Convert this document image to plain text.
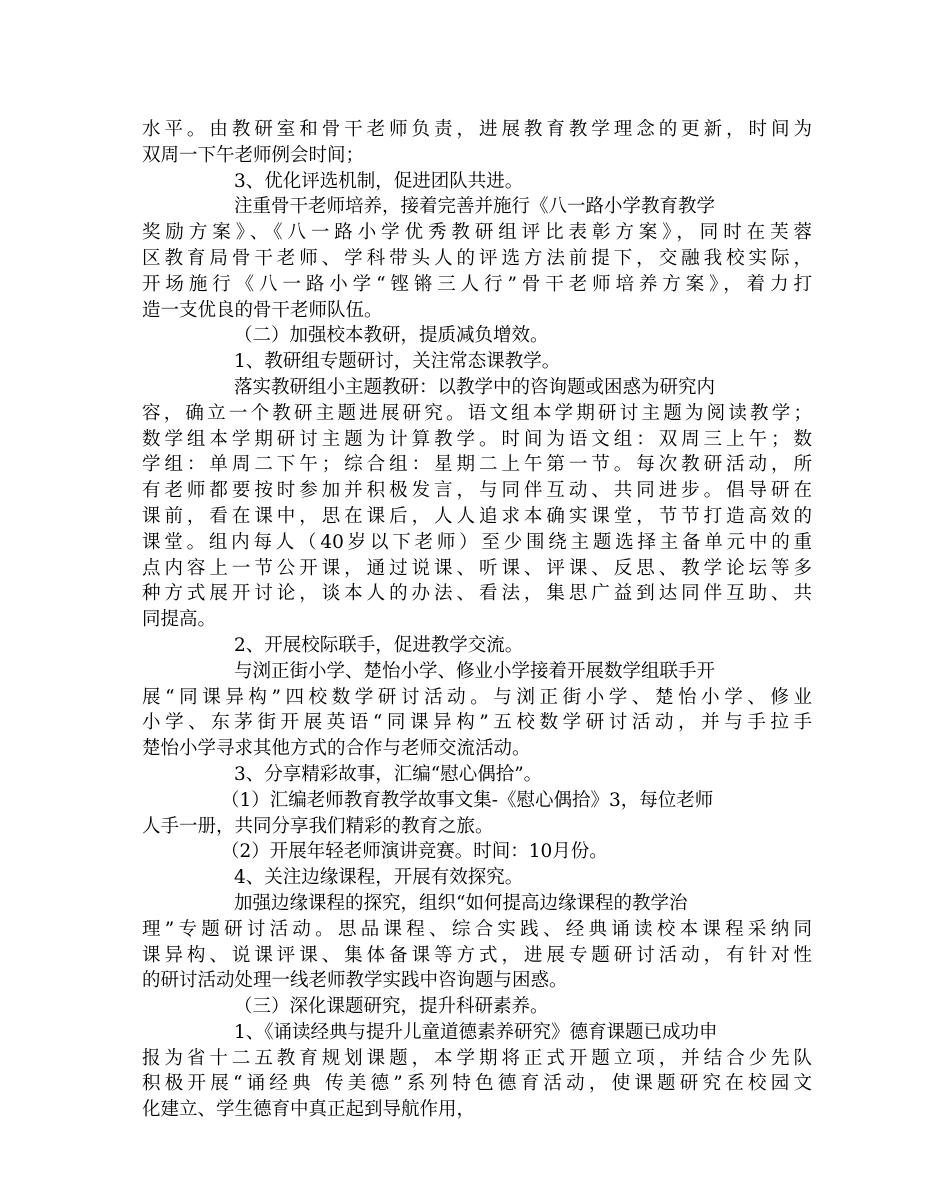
水平。由教研室和骨干老师负责，进展教育教学理念的更新，时间为
双周一下午老师例会时间；
3、优化评选机制，促进团队共进。
注重骨干老师培养，接着完善并施行《八一路小学教育教学
奖励方案》、《八一路小学优秀教研组评比表彰方案》，同时在芙蓉
区教育局骨干老师、学科带头人的评选方法前提下，交融我校实际，
开场施行《八一路小学“铿锵三人行”骨干老师培养方案》，着力打
造一支优良的骨干老师队伍。
（二）加强校本教研，提质减负增效。
1、教研组专题研讨，关注常态课教学。
落实教研组小主题教研：以教学中的咨询题或困惑为研究内
容，确立一个教研主题进展研究。语文组本学期研讨主题为阅读教学；
数学组本学期研讨主题为计算教学。时间为语文组：双周三上午；数
学组：单周二下午；综合组：星期二上午第一节。每次教研活动，所
有老师都要按时参加并积极发言，与同伴互动、共同进步。倡导研在
课前，看在课中，思在课后，人人追求本确实课堂，节节打造高效的
课堂。组内每人（40岁以下老师）至少围绕主题选择主备单元中的重
点内容上一节公开课，通过说课、听课、评课、反思、教学论坛等多
种方式展开讨论，谈本人的办法、看法，集思广益到达同伴互助、共
同提高。
2、开展校际联手，促进教学交流。
与浏正街小学、楚怡小学、修业小学接着开展数学组联手开
展“同课异构”四校数学研讨活动。与浏正街小学、楚怡小学、修业
小学、东茅街开展英语“同课异构”五校数学研讨活动，并与手拉手
楚怡小学寻求其他方式的合作与老师交流活动。
3、分享精彩故事，汇编“慰心偶拾”。
（1）汇编老师教育教学故事文集-《慰心偶拾》3，每位老师
人手一册，共同分享我们精彩的教育之旅。
（2）开展年轻老师演讲竞赛。时间：10月份。
4、关注边缘课程，开展有效探究。
加强边缘课程的探究，组织“如何提高边缘课程的教学治
理”专题研讨活动。思品课程、综合实践、经典诵读校本课程采纳同
课异构、说课评课、集体备课等方式，进展专题研讨活动，有针对性
的研讨活动处理一线老师教学实践中咨询题与困惑。
（三）深化课题研究，提升科研素养。
1、《诵读经典与提升儿童道德素养研究》德育课题已成功申
报为省十二五教育规划课题，本学期将正式开题立项，并结合少先队
积极开展“诵经典 传美德”系列特色德育活动，使课题研究在校园文
化建立、学生德育中真正起到导航作用，
